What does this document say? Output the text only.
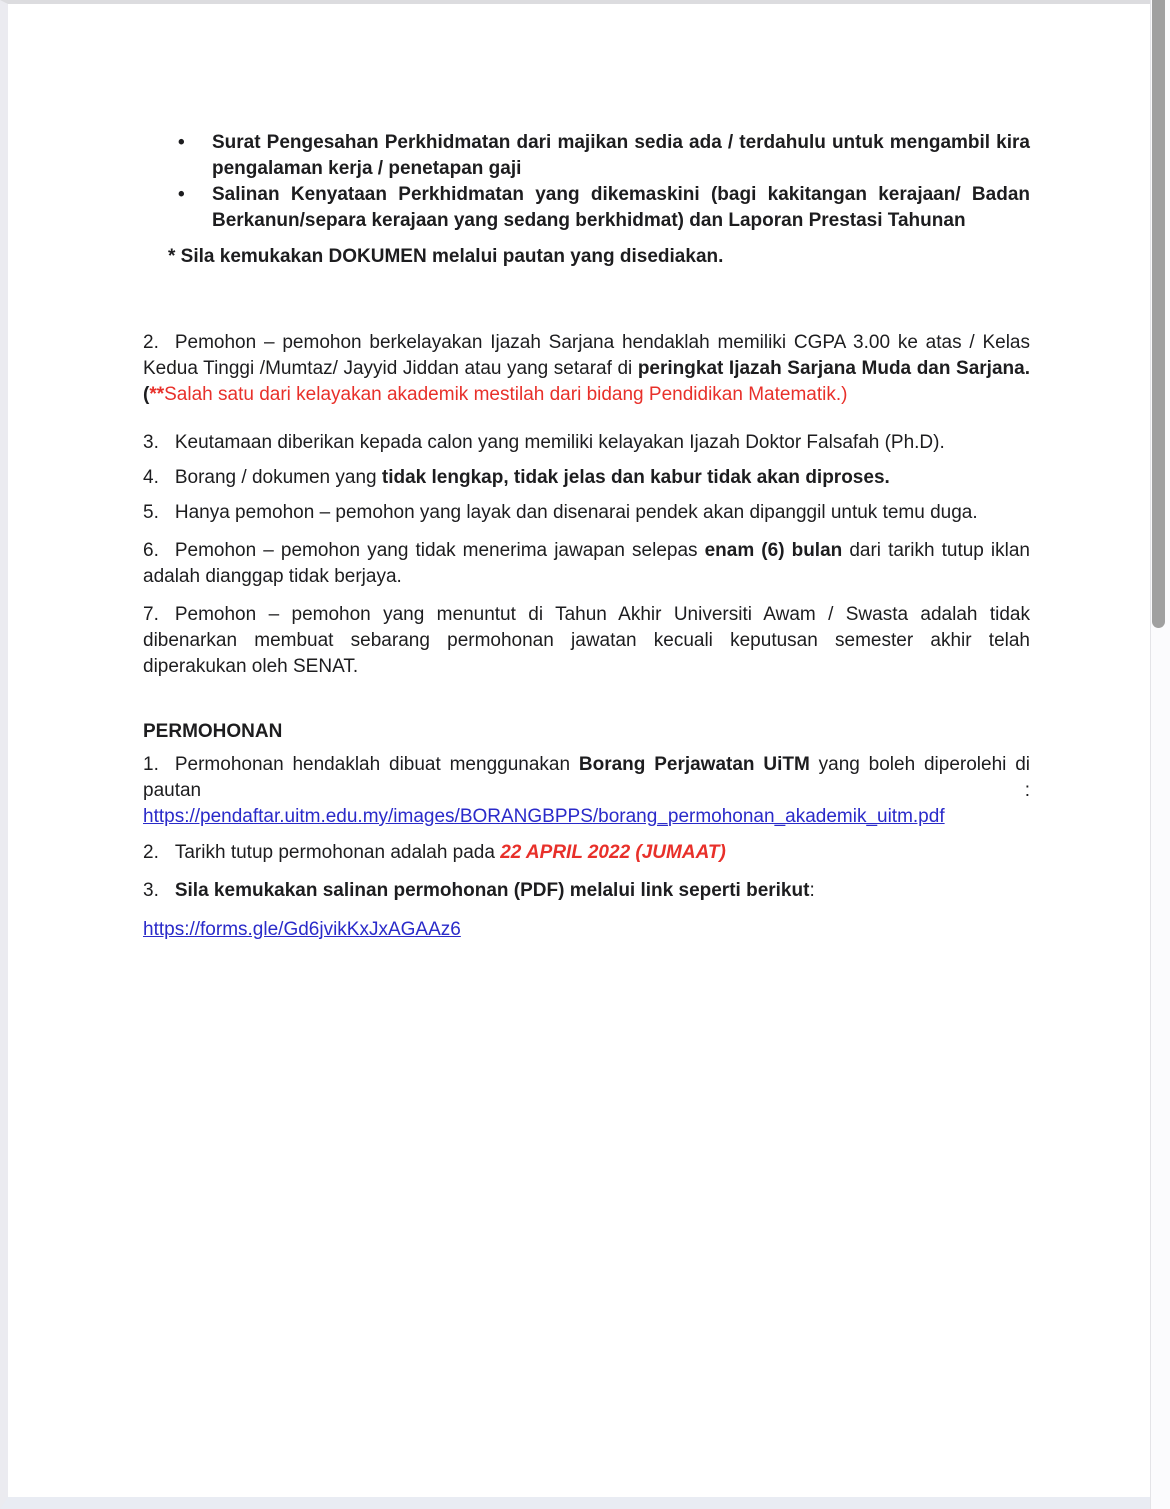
•	Surat Pengesahan Perkhidmatan dari majikan sedia ada / terdahulu untuk mengambil kira pengalaman kerja / penetapan gaji
•	Salinan Kenyataan Perkhidmatan yang dikemaskini (bagi kakitangan kerajaan/ Badan Berkanun/separa kerajaan yang sedang berkhidmat) dan Laporan Prestasi Tahunan

* Sila kemukakan DOKUMEN melalui pautan yang disediakan.

2. Pemohon – pemohon berkelayakan Ijazah Sarjana hendaklah memiliki CGPA 3.00 ke atas / Kelas Kedua Tinggi /Mumtaz/ Jayyid Jiddan atau yang setaraf di peringkat Ijazah Sarjana Muda dan Sarjana. (**Salah satu dari kelayakan akademik mestilah dari bidang Pendidikan Matematik.)

3. Keutamaan diberikan kepada calon yang memiliki kelayakan Ijazah Doktor Falsafah (Ph.D).

4. Borang / dokumen yang tidak lengkap, tidak jelas dan kabur tidak akan diproses.

5. Hanya pemohon – pemohon yang layak dan disenarai pendek akan dipanggil untuk temu duga.

6. Pemohon – pemohon yang tidak menerima jawapan selepas enam (6) bulan dari tarikh tutup iklan adalah dianggap tidak berjaya.

7. Pemohon – pemohon yang menuntut di Tahun Akhir Universiti Awam / Swasta adalah tidak dibenarkan membuat sebarang permohonan jawatan kecuali keputusan semester akhir telah diperakukan oleh SENAT.

PERMOHONAN

1. Permohonan hendaklah dibuat menggunakan Borang Perjawatan UiTM yang boleh diperolehi di pautan	:

https://pendaftar.uitm.edu.my/images/BORANGBPPS/borang_permohonan_akademik_uitm.pdf

2. Tarikh tutup permohonan adalah pada 22 APRIL 2022 (JUMAAT)

3. Sila kemukakan salinan permohonan (PDF) melalui link seperti berikut:

https://forms.gle/Gd6jvikKxJxAGAAz6
